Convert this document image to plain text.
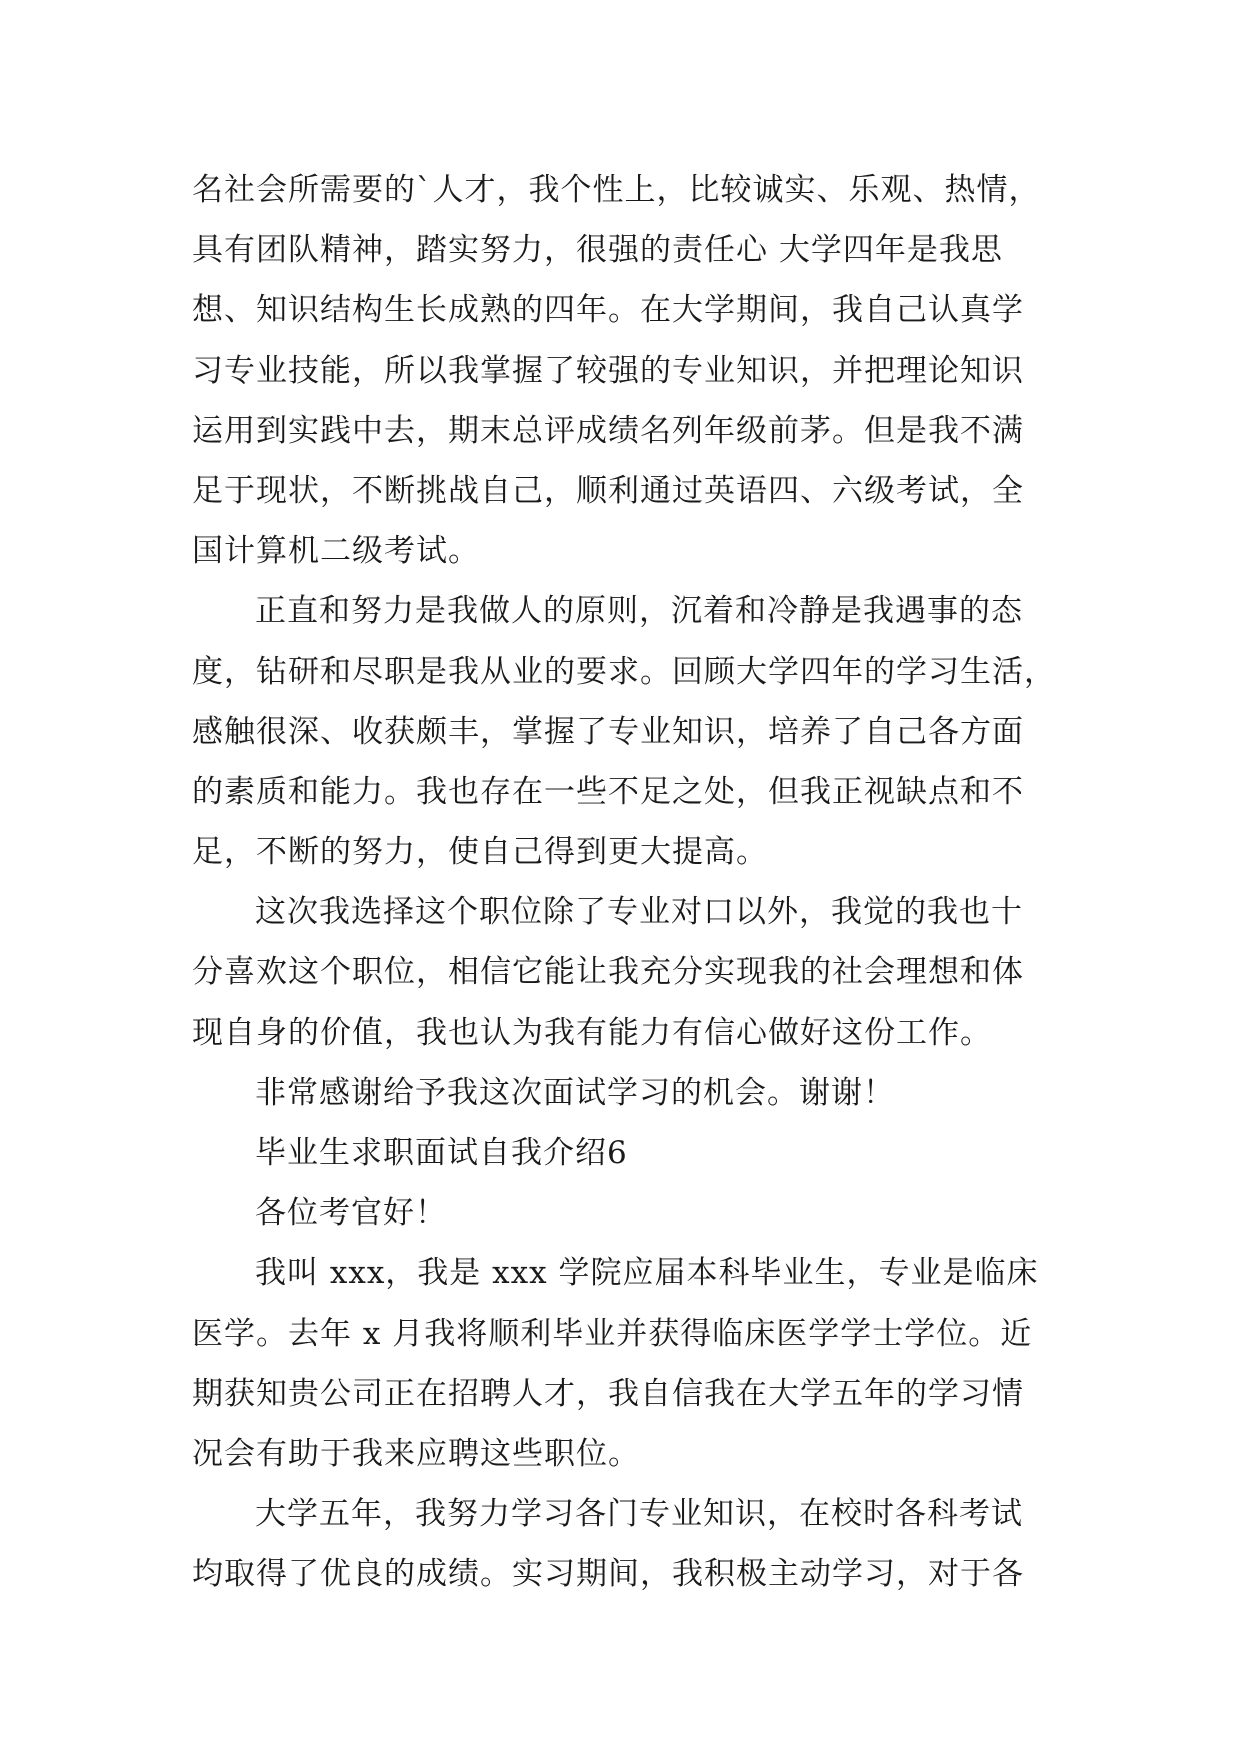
名社会所需要的`人才，我个性上，比较诚实、乐观、热情，
具有团队精神，踏实努力，很强的责任心 大学四年是我思
想、知识结构生长成熟的四年。在大学期间，我自己认真学
习专业技能，所以我掌握了较强的专业知识，并把理论知识
运用到实践中去，期末总评成绩名列年级前茅。但是我不满
足于现状，不断挑战自己，顺利通过英语四、六级考试，全
国计算机二级考试。
正直和努力是我做人的原则，沉着和冷静是我遇事的态
度，钻研和尽职是我从业的要求。回顾大学四年的学习生活，
感触很深、收获颇丰，掌握了专业知识，培养了自己各方面
的素质和能力。我也存在一些不足之处，但我正视缺点和不
足，不断的努力，使自己得到更大提高。
这次我选择这个职位除了专业对口以外，我觉的我也十
分喜欢这个职位，相信它能让我充分实现我的社会理想和体
现自身的价值，我也认为我有能力有信心做好这份工作。
非常感谢给予我这次面试学习的机会。谢谢！
毕业生求职面试自我介绍6
各位考官好！
我叫 xxx，我是 xxx 学院应届本科毕业生，专业是临床
医学。去年 x 月我将顺利毕业并获得临床医学学士学位。近
期获知贵公司正在招聘人才，我自信我在大学五年的学习情
况会有助于我来应聘这些职位。
大学五年，我努力学习各门专业知识，在校时各科考试
均取得了优良的成绩。实习期间，我积极主动学习，对于各
